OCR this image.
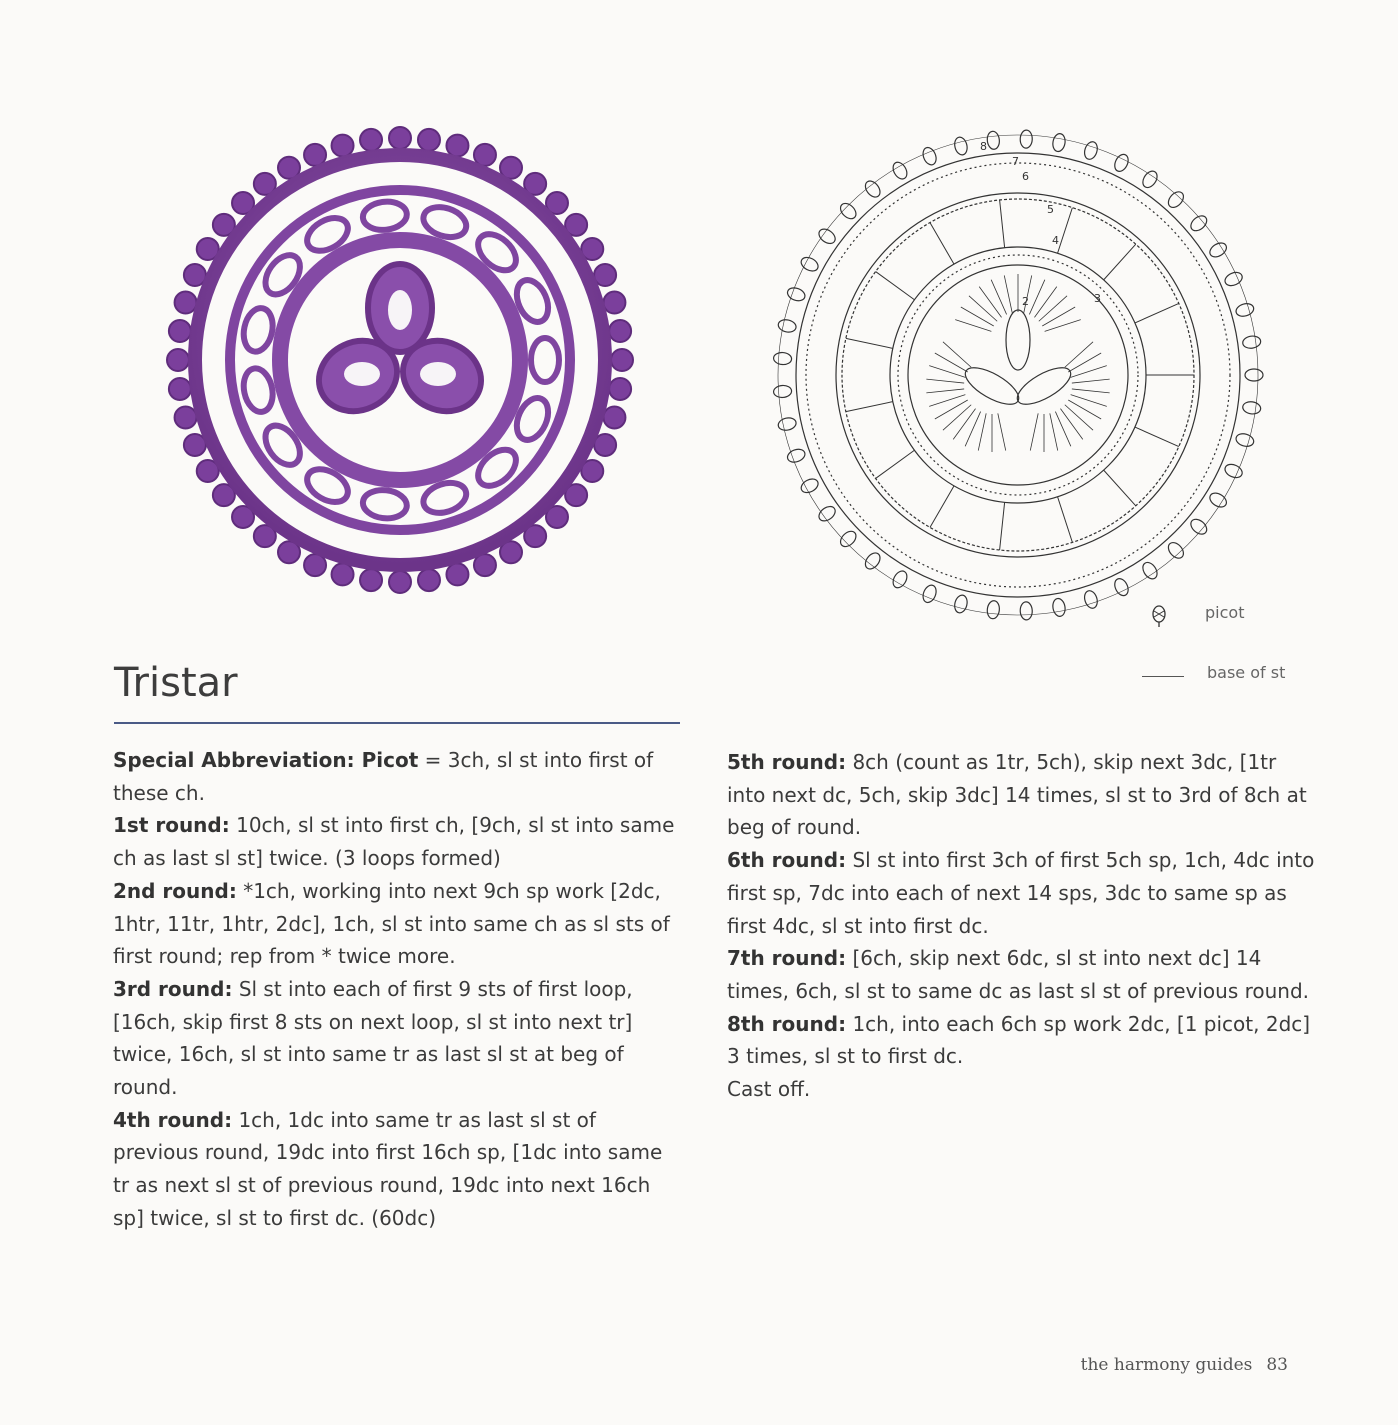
2	3
4
5
6
7
8
picot
base of st
Tristar

Special Abbreviation: Picot = 3ch, sl st into first of these ch.

1st round: 10ch, sl st into first ch, [9ch, sl st into same ch as last sl st] twice. (3 loops formed)

2nd round: *1ch, working into next 9ch sp work [2dc, 1htr, 11tr, 1htr, 2dc], 1ch, sl st into same ch as sl sts of first round; rep from * twice more.

3rd round: Sl st into each of first 9 sts of first loop, [16ch, skip first 8 sts on next loop, sl st into next tr] twice, 16ch, sl st into same tr as last sl st at beg of round.

4th round: 1ch, 1dc into same tr as last sl st of previous round, 19dc into first 16ch sp, [1dc into same tr as next sl st of previous round, 19dc into next 16ch sp] twice, sl st to first dc. (60dc)

5th round: 8ch (count as 1tr, 5ch), skip next 3dc, [1tr into next dc, 5ch, skip 3dc] 14 times, sl st to 3rd of 8ch at beg of round.

6th round: Sl st into first 3ch of first 5ch sp, 1ch, 4dc into first sp, 7dc into each of next 14 sps, 3dc to same sp as first 4dc, sl st into first dc.

7th round: [6ch, skip next 6dc, sl st into next dc] 14 times, 6ch, sl st to same dc as last sl st of previous round.

8th round: 1ch, into each 6ch sp work 2dc, [1 picot, 2dc] 3 times, sl st to first dc.

Cast off.

the harmony guides 83
